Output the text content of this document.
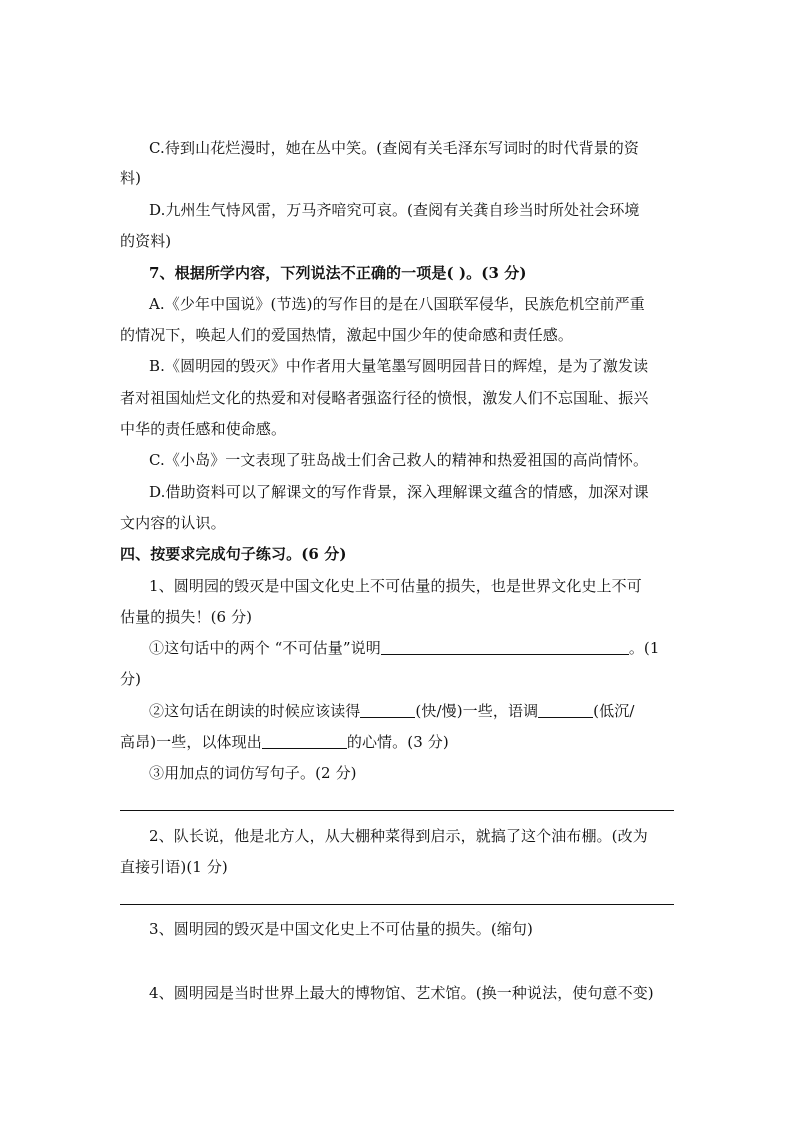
C.待到山花烂漫时，她在丛中笑。(查阅有关毛泽东写词时的时代背景的资

料)

D.九州生气恃风雷，万马齐喑究可哀。(查阅有关龚自珍当时所处社会环境

的资料)

7、根据所学内容，下列说法不正确的一项是( )。(3 分)

A.《少年中国说》(节选)的写作目的是在八国联军侵华，民族危机空前严重

的情况下，唤起人们的爱国热情，激起中国少年的使命感和责任感。

B.《圆明园的毁灭》中作者用大量笔墨写圆明园昔日的辉煌，是为了激发读

者对祖国灿烂文化的热爱和对侵略者强盗行径的愤恨，激发人们不忘国耻、振兴

中华的责任感和使命感。

C.《小岛》一文表现了驻岛战士们舍己救人的精神和热爱祖国的高尚情怀。

D.借助资料可以了解课文的写作背景，深入理解课文蕴含的情感，加深对课

文内容的认识。

四、按要求完成句子练习。(6 分)

1、圆明园的毁灭是中国文化史上不可估量的损失，也是世界文化史上不可

估量的损失！(6 分)

①这句话中的两个 “不可估量”说明	。(1

分)

②这句话在朗读的时候应该读得	(快/慢)一些，语调	(低沉/

高昂)一些，以体现出	的心情。(3 分)

③用加点的词仿写句子。(2 分)

2、队长说，他是北方人，从大棚种菜得到启示，就搞了这个油布棚。(改为

直接引语)(1 分)

3、圆明园的毁灭是中国文化史上不可估量的损失。(缩句)

4、圆明园是当时世界上最大的博物馆、艺术馆。(换一种说法，使句意不变)
